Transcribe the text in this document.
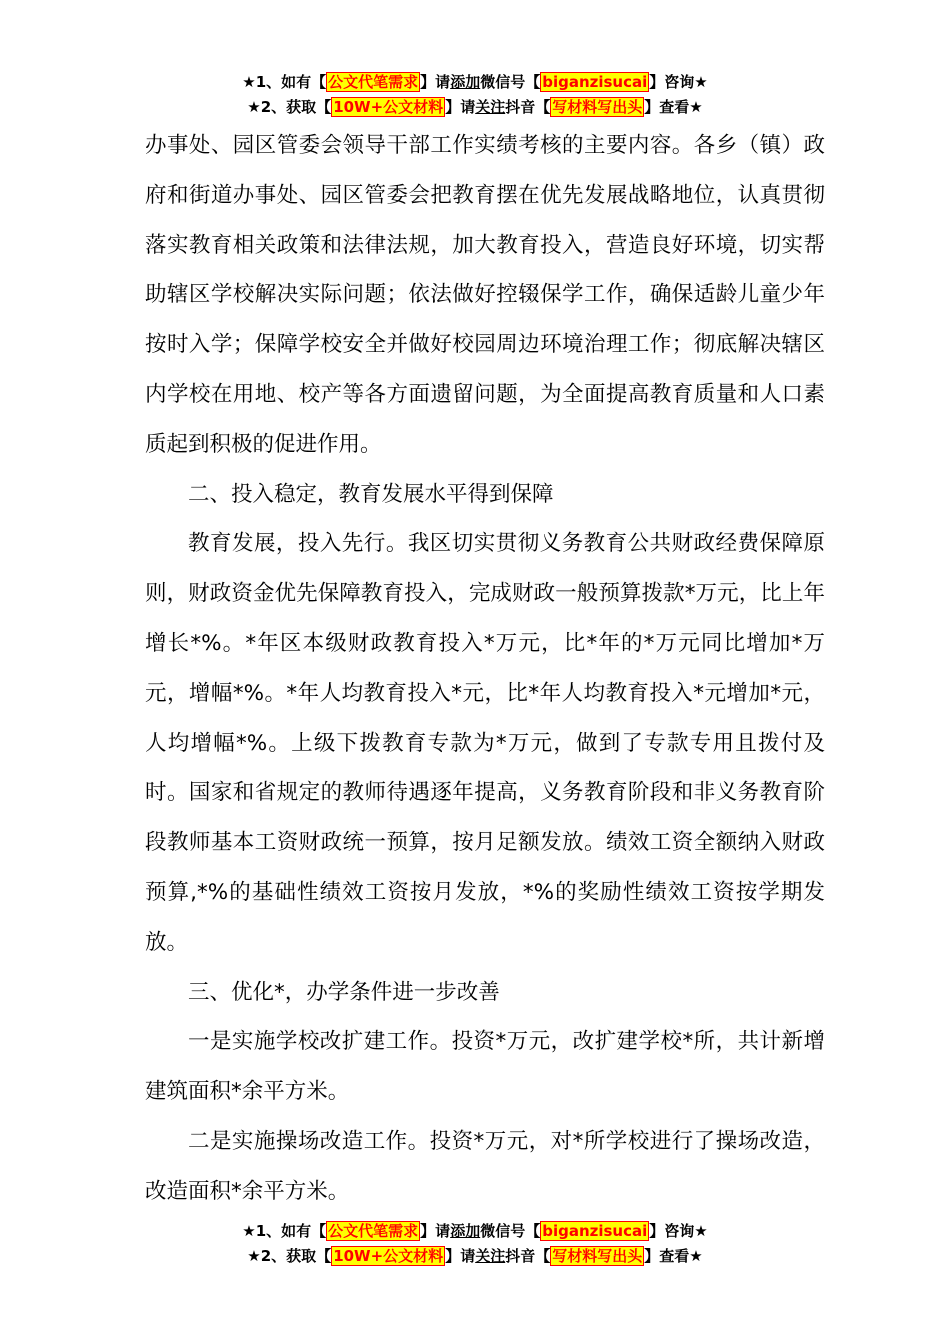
★1、如有【 公文代笔需求 】请添加微信号【 biganzisucai 】咨询★
★2、获取【 10W+公文材料 】请关注抖音【 写材料写出头 】查看★

办事处、园区管委会领导干部工作实绩考核的主要内容。各乡（镇）政府和街道办事处、园区管委会把教育摆在优先发展战略地位，认真贯彻落实教育相关政策和法律法规，加大教育投入，营造良好环境，切实帮助辖区学校解决实际问题；依法做好控辍保学工作，确保适龄儿童少年按时入学；保障学校安全并做好校园周边环境治理工作；彻底解决辖区内学校在用地、校产等各方面遗留问题，为全面提高教育质量和人口素质起到积极的促进作用。

二、投入稳定，教育发展水平得到保障

教育发展，投入先行。我区切实贯彻义务教育公共财政经费保障原则，财政资金优先保障教育投入，完成财政一般预算拨款*万元，比上年增长*%。*年区本级财政教育投入*万元，比*年的*万元同比增加*万元，增幅*%。*年人均教育投入*元，比*年人均教育投入*元增加*元，人均增幅*%。上级下拨教育专款为*万元，做到了专款专用且拨付及时。国家和省规定的教师待遇逐年提高，义务教育阶段和非义务教育阶段教师基本工资财政统一预算，按月足额发放。绩效工资全额纳入财政预算,*%的基础性绩效工资按月发放，*%的奖励性绩效工资按学期发放。

三、优化*，办学条件进一步改善

一是实施学校改扩建工作。投资*万元，改扩建学校*所，共计新增建筑面积*余平方米。

二是实施操场改造工作。投资*万元，对*所学校进行了操场改造，改造面积*余平方米。

★1、如有【 公文代笔需求 】请添加微信号【 biganzisucai 】咨询★
★2、获取【 10W+公文材料 】请关注抖音【 写材料写出头 】查看★
